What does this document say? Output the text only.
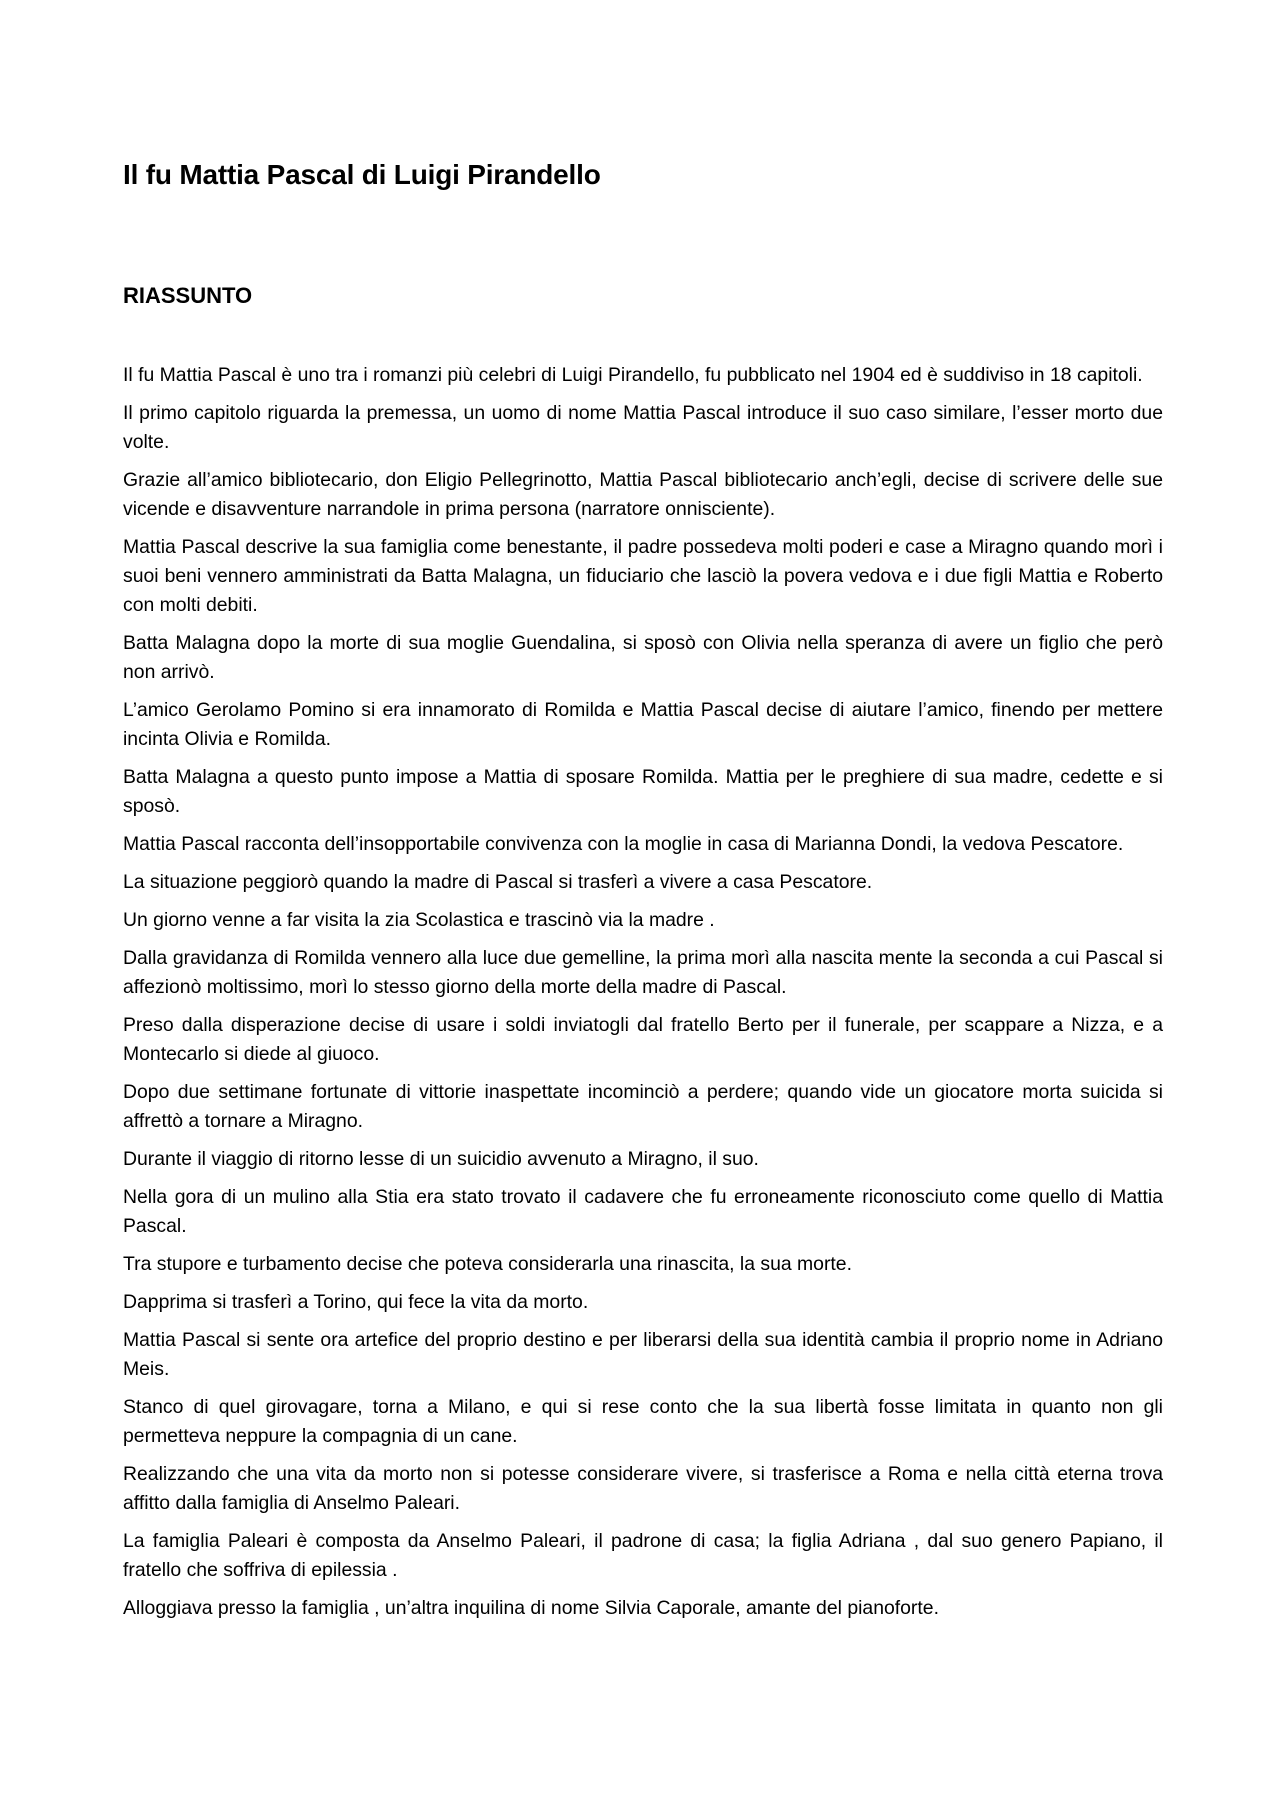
Il fu Mattia Pascal di Luigi Pirandello
RIASSUNTO

Il fu Mattia Pascal è uno tra i romanzi più celebri di Luigi Pirandello, fu pubblicato nel 1904 ed è suddiviso in 18 capitoli.

Il primo capitolo riguarda la premessa, un uomo di nome Mattia Pascal introduce il suo caso similare, l’esser morto due volte.

Grazie all’amico bibliotecario, don Eligio Pellegrinotto, Mattia Pascal bibliotecario anch’egli, decise di scrivere delle sue vicende e disavventure narrandole in prima persona (narratore onnisciente).

Mattia Pascal descrive la sua famiglia come benestante, il padre possedeva molti poderi e case a Miragno quando morì i suoi beni vennero amministrati da Batta Malagna, un fiduciario che lasciò la povera vedova e i due figli Mattia e Roberto con molti debiti.

Batta Malagna dopo la morte di sua moglie Guendalina, si sposò con Olivia nella speranza di avere un figlio che però non arrivò.

L’amico Gerolamo Pomino si era innamorato di Romilda e Mattia Pascal decise di aiutare l’amico, finendo per mettere incinta Olivia e Romilda.

Batta Malagna a questo punto impose a Mattia di sposare Romilda. Mattia per le preghiere di sua madre, cedette e si sposò.

Mattia Pascal racconta dell’insopportabile convivenza con la moglie in casa di Marianna Dondi, la vedova Pescatore.

La situazione peggiorò quando la madre di Pascal si trasferì a vivere a casa Pescatore.

Un giorno venne a far visita la zia Scolastica e trascinò via la madre .

Dalla gravidanza di Romilda vennero alla luce due gemelline, la prima morì alla nascita mente la seconda a cui Pascal si affezionò moltissimo, morì lo stesso giorno della morte della madre di Pascal.

Preso dalla disperazione decise di usare i soldi inviatogli dal fratello Berto per il funerale, per scappare a Nizza, e a Montecarlo si diede al giuoco.

Dopo due settimane fortunate di vittorie inaspettate incominciò a perdere; quando vide un giocatore morta suicida si affrettò a tornare a Miragno.

Durante il viaggio di ritorno lesse di un suicidio avvenuto a Miragno, il suo.

Nella gora di un mulino alla Stia era stato trovato il cadavere che fu erroneamente riconosciuto come quello di Mattia Pascal.

Tra stupore e turbamento decise che poteva considerarla una rinascita, la sua morte.

Dapprima si trasferì a Torino, qui fece la vita da morto.

Mattia Pascal si sente ora artefice del proprio destino e per liberarsi della sua identità cambia il proprio nome in Adriano Meis.

Stanco di quel girovagare, torna a Milano, e qui si rese conto che la sua libertà fosse limitata in quanto non gli permetteva neppure la compagnia di un cane.

Realizzando che una vita da morto non si potesse considerare vivere, si trasferisce a Roma e nella città eterna trova affitto dalla famiglia di Anselmo Paleari.

La famiglia Paleari è composta da Anselmo Paleari, il padrone di casa; la figlia Adriana , dal suo genero Papiano, il fratello che soffriva di epilessia .

Alloggiava presso la famiglia , un’altra inquilina di nome Silvia Caporale, amante del pianoforte.
